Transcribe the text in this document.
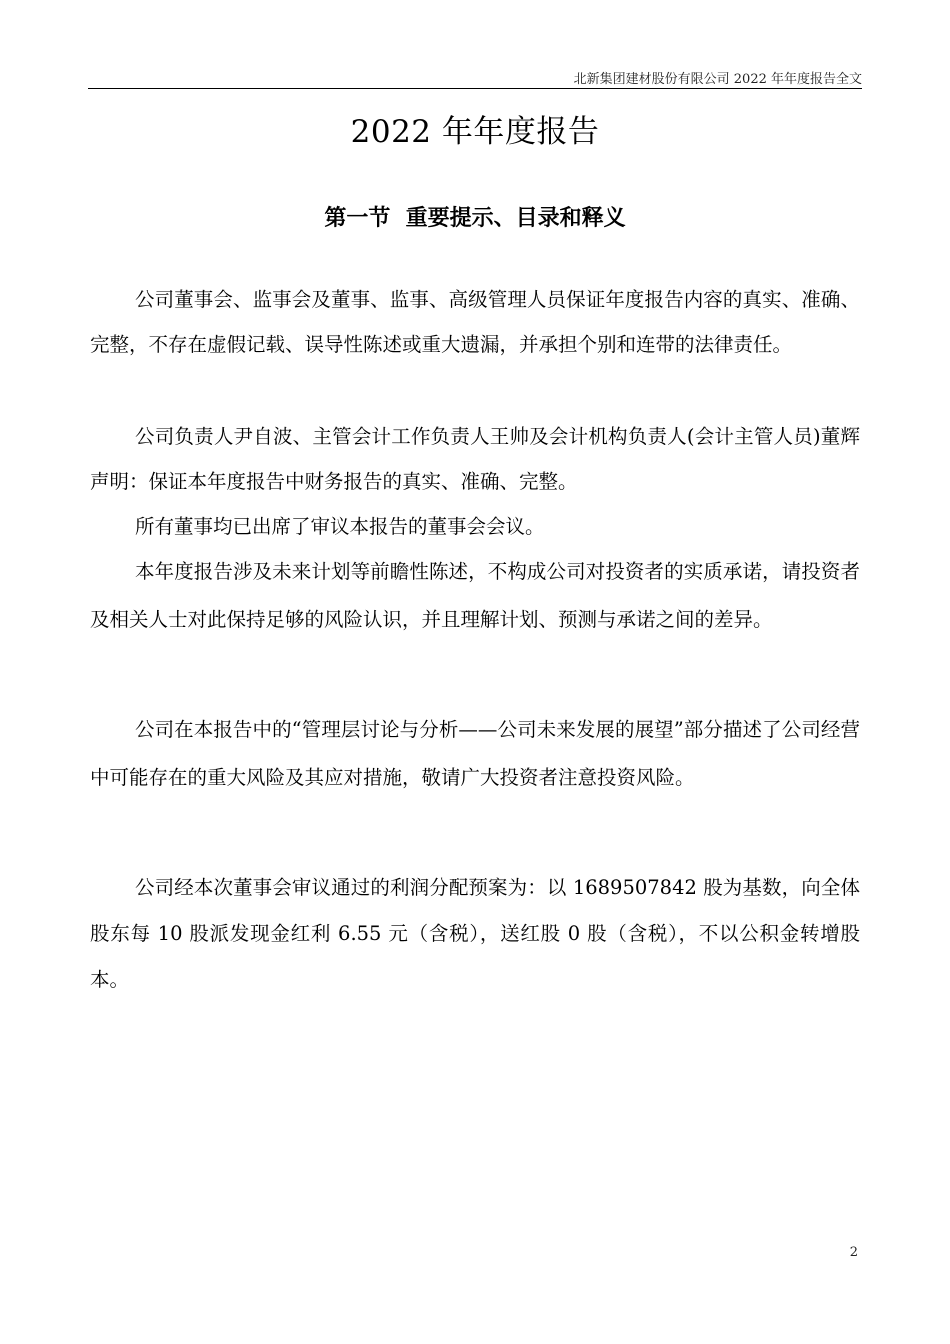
北新集团建材股份有限公司 2022 年年度报告全文
2022 年年度报告
第一节  重要提示、目录和释义

公司董事会、监事会及董事、监事、高级管理人员保证年度报告内容的真实、准确、完整，不存在虚假记载、误导性陈述或重大遗漏，并承担个别和连带的法律责任。

公司负责人尹自波、主管会计工作负责人王帅及会计机构负责人(会计主管人员)董辉声明：保证本年度报告中财务报告的真实、准确、完整。

所有董事均已出席了审议本报告的董事会会议。

本年度报告涉及未来计划等前瞻性陈述，不构成公司对投资者的实质承诺，请投资者及相关人士对此保持足够的风险认识，并且理解计划、预测与承诺之间的差异。

公司在本报告中的“管理层讨论与分析——公司未来发展的展望”部分描述了公司经营中可能存在的重大风险及其应对措施，敬请广大投资者注意投资风险。

公司经本次董事会审议通过的利润分配预案为：以 1689507842 股为基数，向全体股东每 10 股派发现金红利 6.55 元（含税），送红股 0 股（含税），不以公积金转增股本。

2
